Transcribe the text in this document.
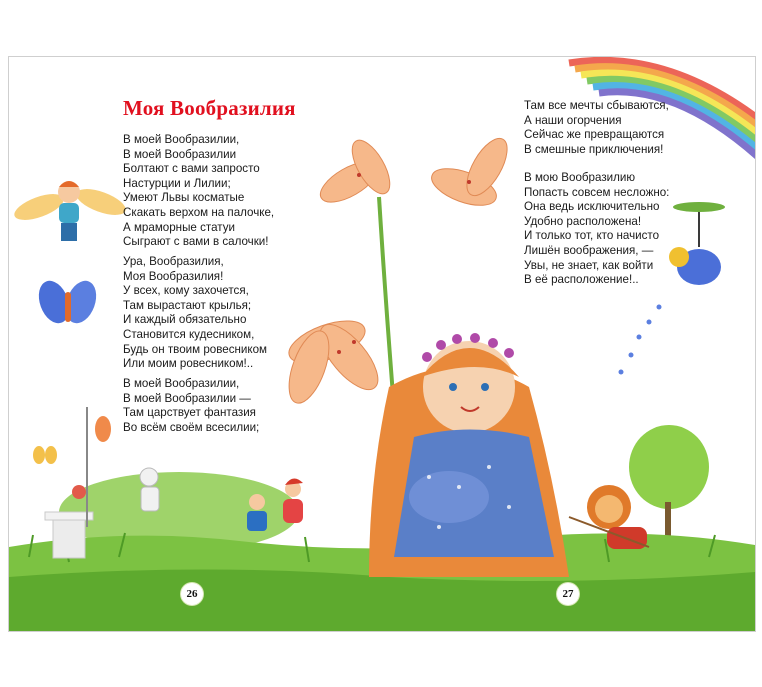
Моя Вообразилия

В моей Вообразилии,
В моей Вообразилии
Болтают с вами запросто
Настурции и Лилии;
Умеют Львы косматые
Скакать верхом на палочке,
А мраморные статуи
Сыграют с вами в салочки!

Ура, Вообразилия,
Моя Вообразилия!
У всех, кому захочется,
Там вырастают крылья;
И каждый обязательно
Становится кудесником,
Будь он твоим ровесником
Или моим ровесником!..

В моей Вообразилии,
В моей Вообразилии —
Там царствует фантазия
Во всём своём всесилии;

Там все мечты сбываются,
А наши огорчения
Сейчас же превращаются
В смешные приключения!

В мою Вообразилию
Попасть совсем несложно:
Она ведь исключительно
Удобно расположена!
И только тот, кто начисто
Лишён воображения, —
Увы, не знает, как войти
В её расположение!..

26	27
